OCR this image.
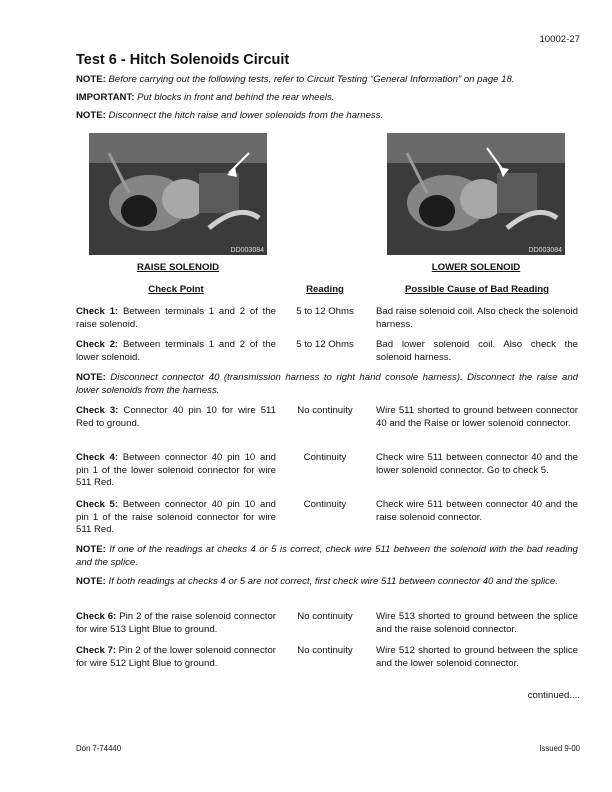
10002-27
Test 6 - Hitch Solenoids Circuit
NOTE: Before carrying out the following tests, refer to Circuit Testing “General Information” on page 18.
IMPORTANT: Put blocks in front and behind the rear wheels.
NOTE: Disconnect the hitch raise and lower solenoids from the harness.
DD003084	DD003084
RAISE SOLENOID	LOWER SOLENOID
Check Point	Reading	Possible Cause of Bad Reading
Check 1: Between terminals 1 and 2 of the raise solenoid.
5 to 12 Ohms	Bad raise solenoid coil. Also check the solenoid harness.
Check 2: Between terminals 1 and 2 of the lower solenoid.
5 to 12 Ohms	Bad lower solenoid coil. Also check the solenoid harness.
NOTE: Disconnect connector 40 (transmission harness to right hand console harness). Disconnect the raise and lower solenoids from the harness.
Check 3: Connector 40 pin 10 for wire 511 Red to ground.
No continuity	Wire 511 shorted to ground between connector 40 and the Raise or lower solenoid connector.
Check 4: Between connector 40 pin 10 and pin 1 of the lower solenoid connector for wire 511 Red.
Continuity	Check wire 511 between connector 40 and the lower solenoid connector. Go to check 5.
Check 5: Between connector 40 pin 10 and pin 1 of the raise solenoid connector for wire 511 Red.
Continuity	Check wire 511 between connector 40 and the raise solenoid connector.
NOTE: If one of the readings at checks 4 or 5 is correct, check wire 511 between the solenoid with the bad reading and the splice.
NOTE: If both readings at checks 4 or 5 are not correct, first check wire 511 between connector 40 and the splice.
Check 6: Pin 2 of the raise solenoid connector for wire 513 Light Blue to ground.
No continuity	Wire 513 shorted to ground between the splice and the raise solenoid connector.
Check 7: Pin 2 of the lower solenoid connector for wire 512 Light Blue to ground.
No continuity	Wire 512 shorted to ground between the splice and the lower solenoid connector.
continued....
Don 7-74440	Issued 9-00
